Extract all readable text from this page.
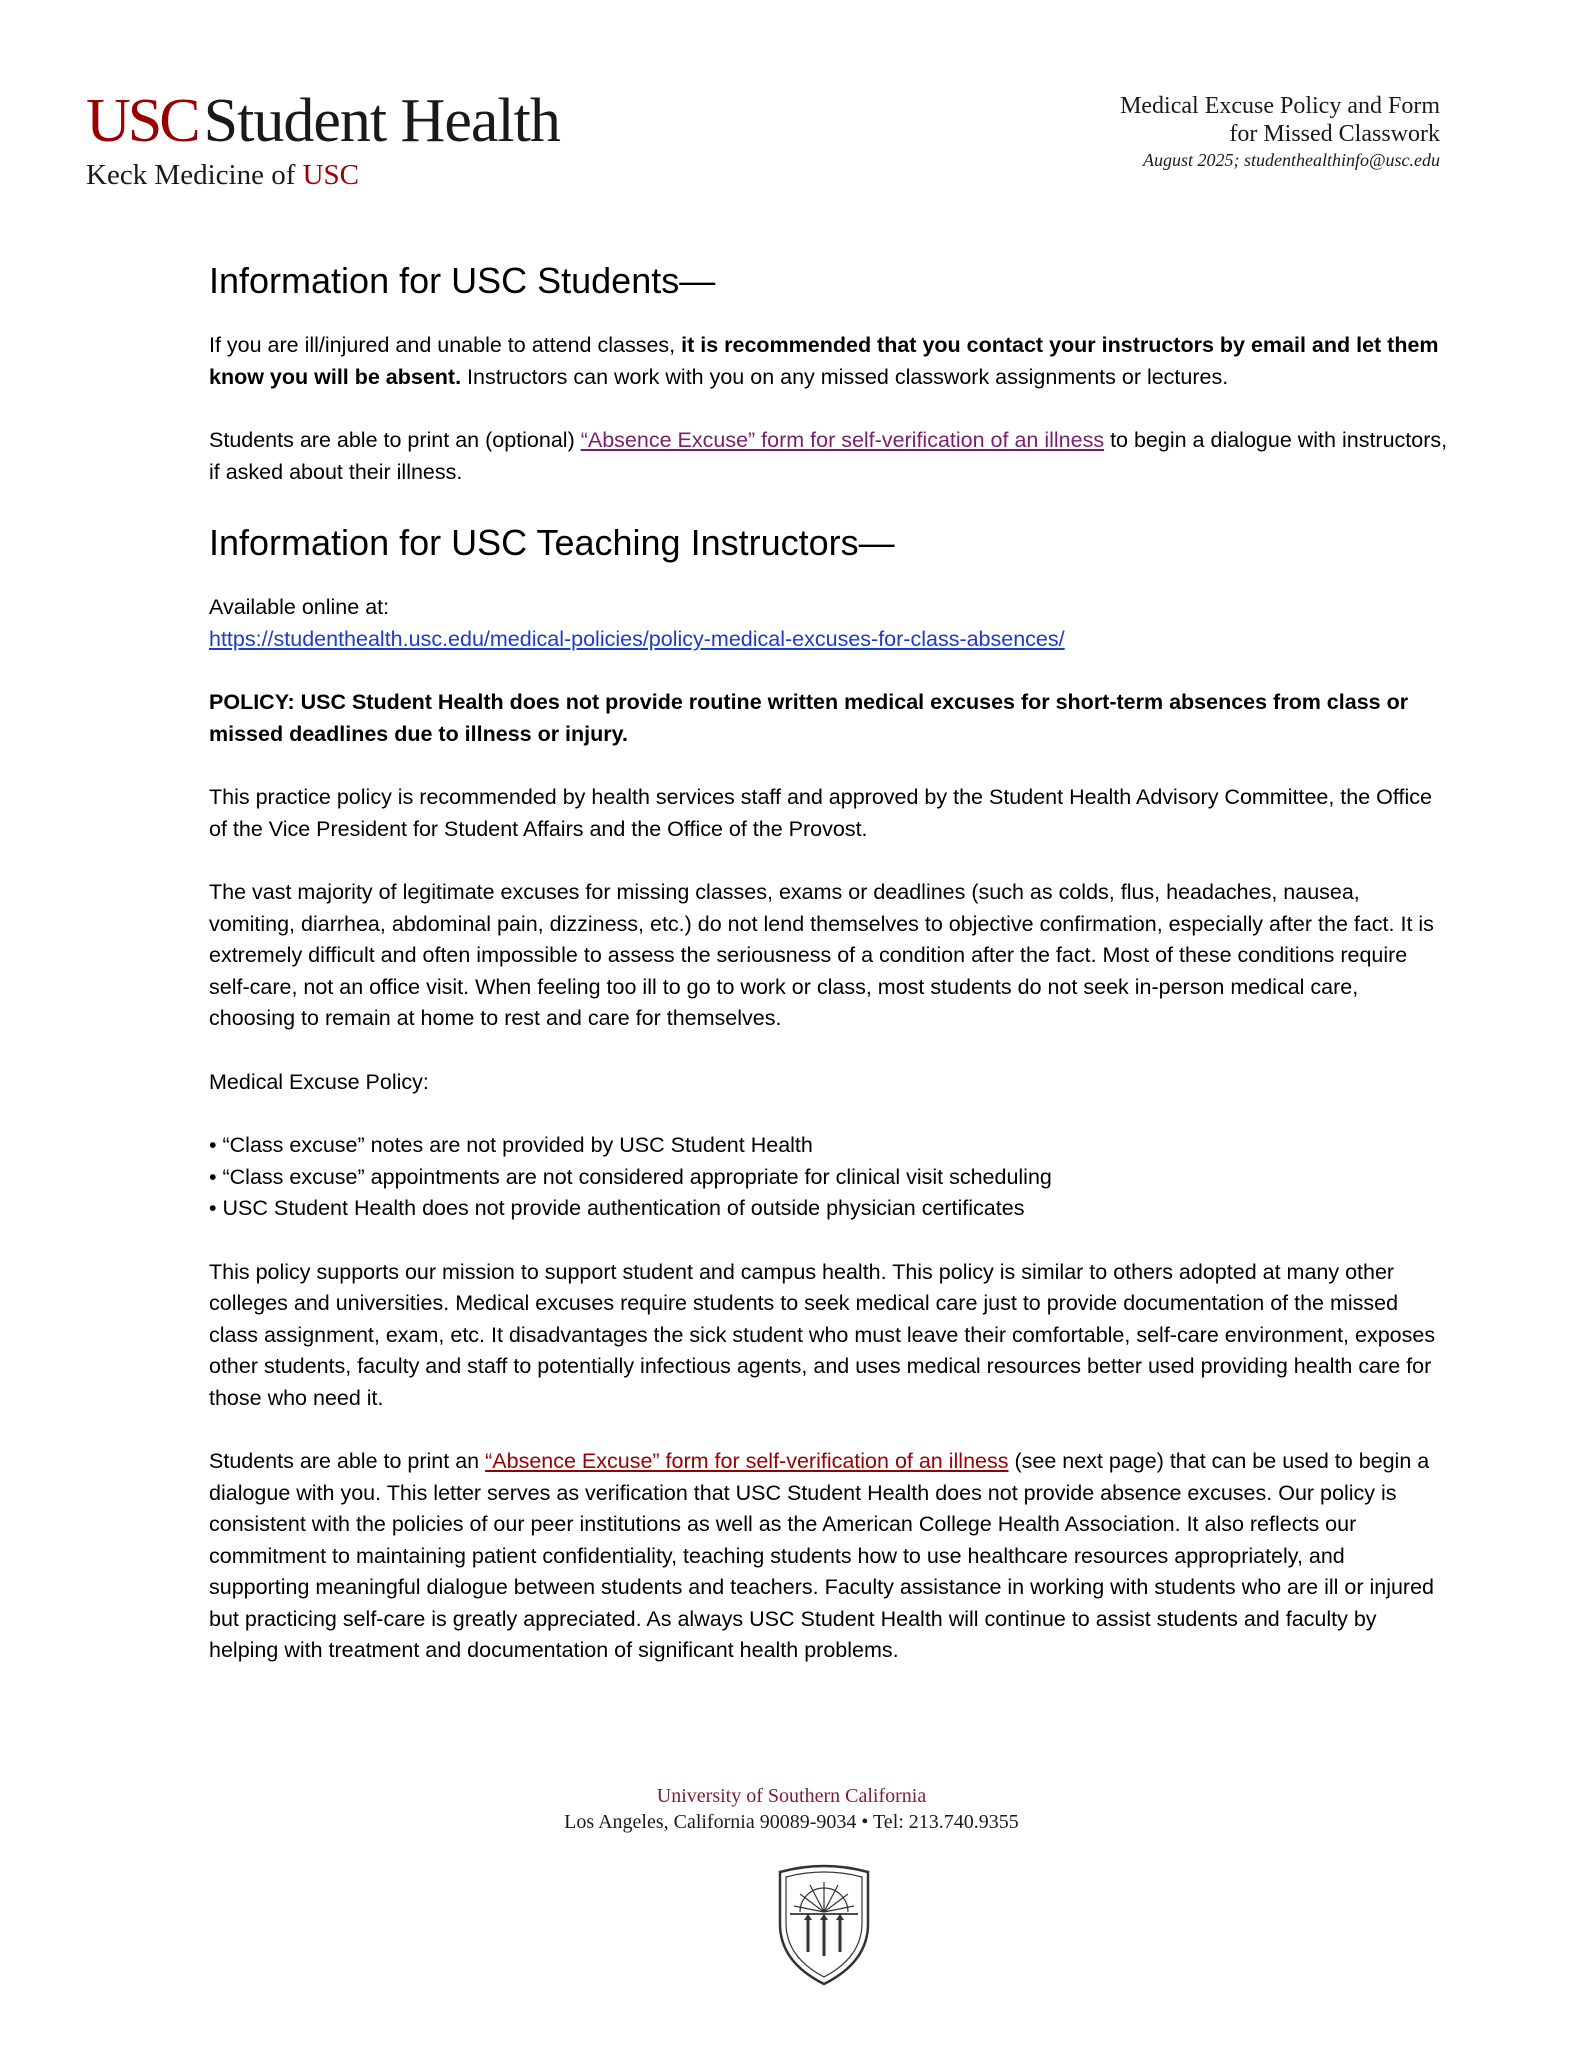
USCStudent Health
Keck Medicine of USC
Medical Excuse Policy and Form
for Missed Classwork
August 2025; studenthealthinfo@usc.edu
Information for USC Students—

If you are ill/injured and unable to attend classes, it is recommended that you contact your instructors by email and let them know you will be absent. Instructors can work with you on any missed classwork assignments or lectures.

Students are able to print an (optional) “Absence Excuse” form for self-verification of an illness to begin a dialogue with instructors, if asked about their illness.

Information for USC Teaching Instructors—

Available online at:
https://studenthealth.usc.edu/medical-policies/policy-medical-excuses-for-class-absences/

POLICY: USC Student Health does not provide routine written medical excuses for short-term absences from class or missed deadlines due to illness or injury.

This practice policy is recommended by health services staff and approved by the Student Health Advisory Committee, the Office of the Vice President for Student Affairs and the Office of the Provost.

The vast majority of legitimate excuses for missing classes, exams or deadlines (such as colds, flus, headaches, nausea, vomiting, diarrhea, abdominal pain, dizziness, etc.) do not lend themselves to objective confirmation, especially after the fact. It is extremely difficult and often impossible to assess the seriousness of a condition after the fact. Most of these conditions require self-care, not an office visit. When feeling too ill to go to work or class, most students do not seek in-person medical care, choosing to remain at home to rest and care for themselves.

Medical Excuse Policy:

• “Class excuse” notes are not provided by USC Student Health
• “Class excuse” appointments are not considered appropriate for clinical visit scheduling
• USC Student Health does not provide authentication of outside physician certificates

This policy supports our mission to support student and campus health. This policy is similar to others adopted at many other colleges and universities. Medical excuses require students to seek medical care just to provide documentation of the missed class assignment, exam, etc. It disadvantages the sick student who must leave their comfortable, self-care environment, exposes other students, faculty and staff to potentially infectious agents, and uses medical resources better used providing health care for those who need it.

Students are able to print an “Absence Excuse” form for self-verification of an illness (see next page) that can be used to begin a dialogue with you. This letter serves as verification that USC Student Health does not provide absence excuses. Our policy is consistent with the policies of our peer institutions as well as the American College Health Association. It also reflects our commitment to maintaining patient confidentiality, teaching students how to use healthcare resources appropriately, and supporting meaningful dialogue between students and teachers. Faculty assistance in working with students who are ill or injured but practicing self-care is greatly appreciated. As always USC Student Health will continue to assist students and faculty by helping with treatment and documentation of significant health problems.

University of Southern California
Los Angeles, California 90089-9034 • Tel: 213.740.9355
